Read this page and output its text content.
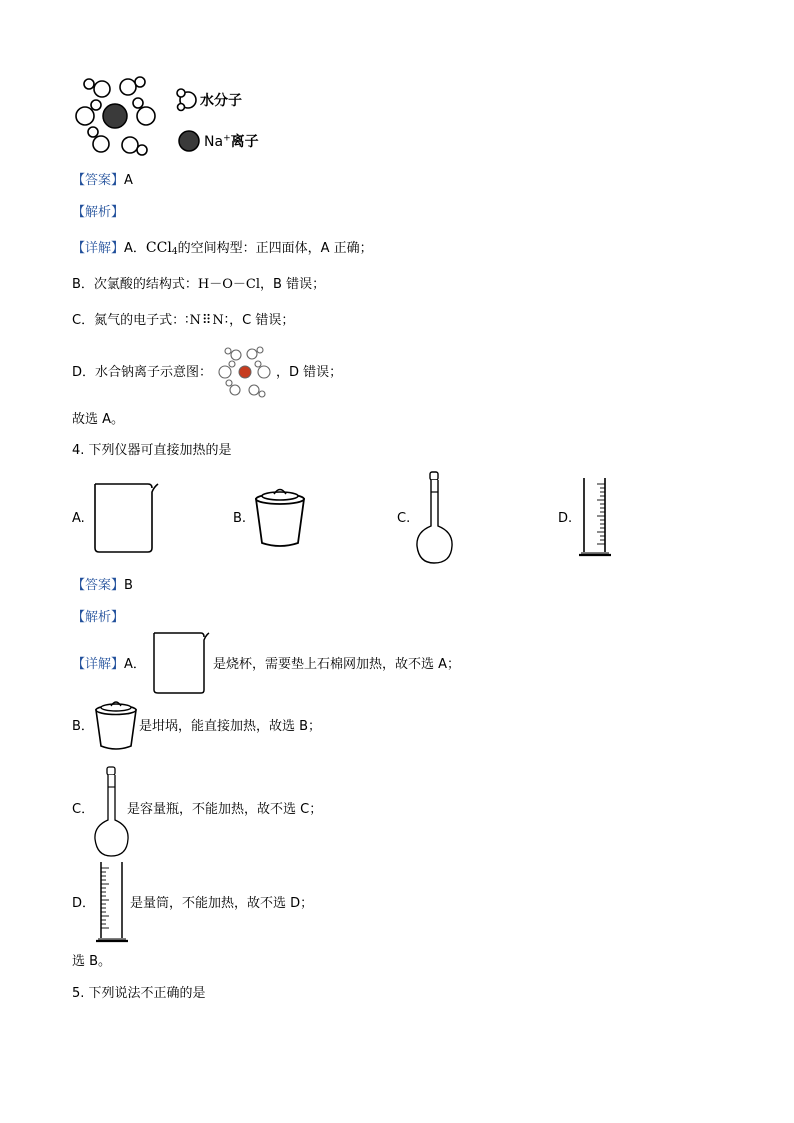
水分子
Na+离子
【答案】A
【解析】
【详解】A．CCl$_4$的空间构型：正四面体，A 正确；
B．次氯酸的结构式：H－O－Cl，B 错误；
C．氮气的电子式：∶N⠿N∶，C 错误；
D．水合钠离子示意图：	，D 错误；
故选 A。
4. 下列仪器可直接加热的是
A.	B.	C.	D.
【答案】B
【解析】
【详解】A．	是烧杯，需要垫上石棉网加热，故不选 A；
B．	是坩埚，能直接加热，故选 B；
C．	是容量瓶，不能加热，故不选 C；
D．	是量筒，不能加热，故不选 D；
选 B。
5. 下列说法不正确的是
